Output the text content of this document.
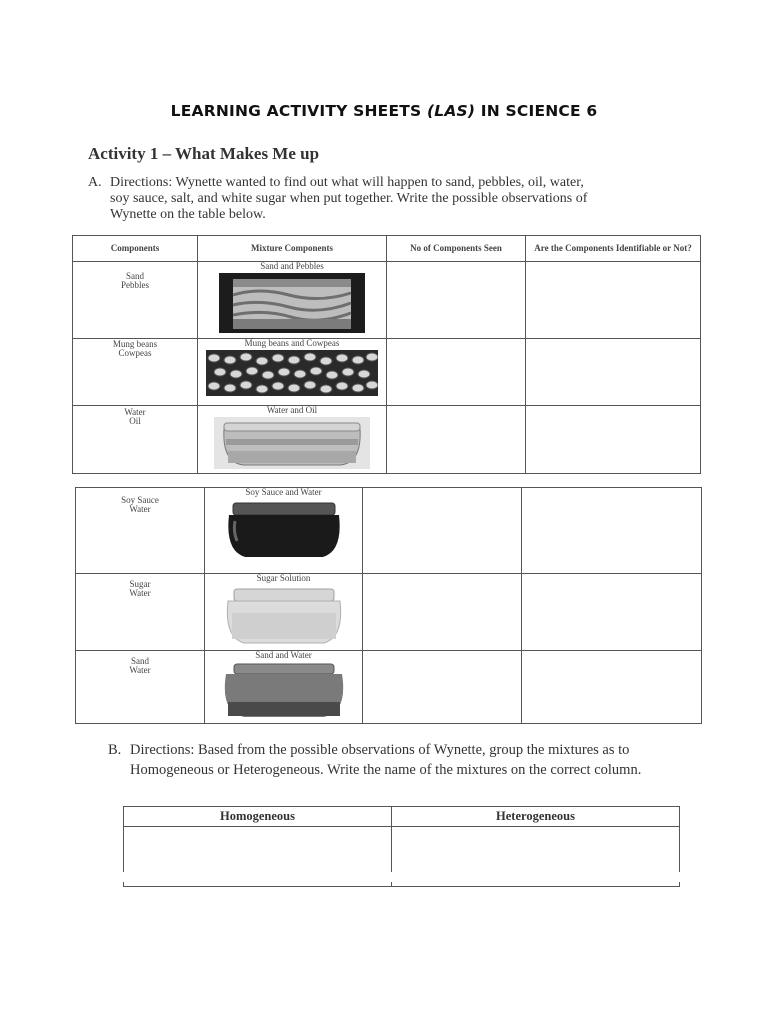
LEARNING ACTIVITY SHEETS (LAS) IN SCIENCE 6
Activity 1 – What Makes Me up
A. Directions: Wynette wanted to find out what will happen to sand, pebbles, oil, water,
soy sauce, salt, and white sugar when put together. Write the possible observations of
Wynette on the table below.
Components	Mixture Components	No of Components Seen	Are the Components Identifiable or Not?

Sand
Pebbles	Sand and Pebbles		

Mung beans
Cowpeas	Mung beans and Cowpeas		

Water
Oil	Water and Oil		

Soy Sauce
Water	Soy Sauce and Water		

Sugar
Water	Sugar Solution		

Sand
Water	Sand and Water		

B. Directions: Based from the possible observations of Wynette, group the mixtures as to
Homogeneous or Heterogeneous. Write the name of the mixtures on the correct column.
Homogeneous	Heterogeneous
